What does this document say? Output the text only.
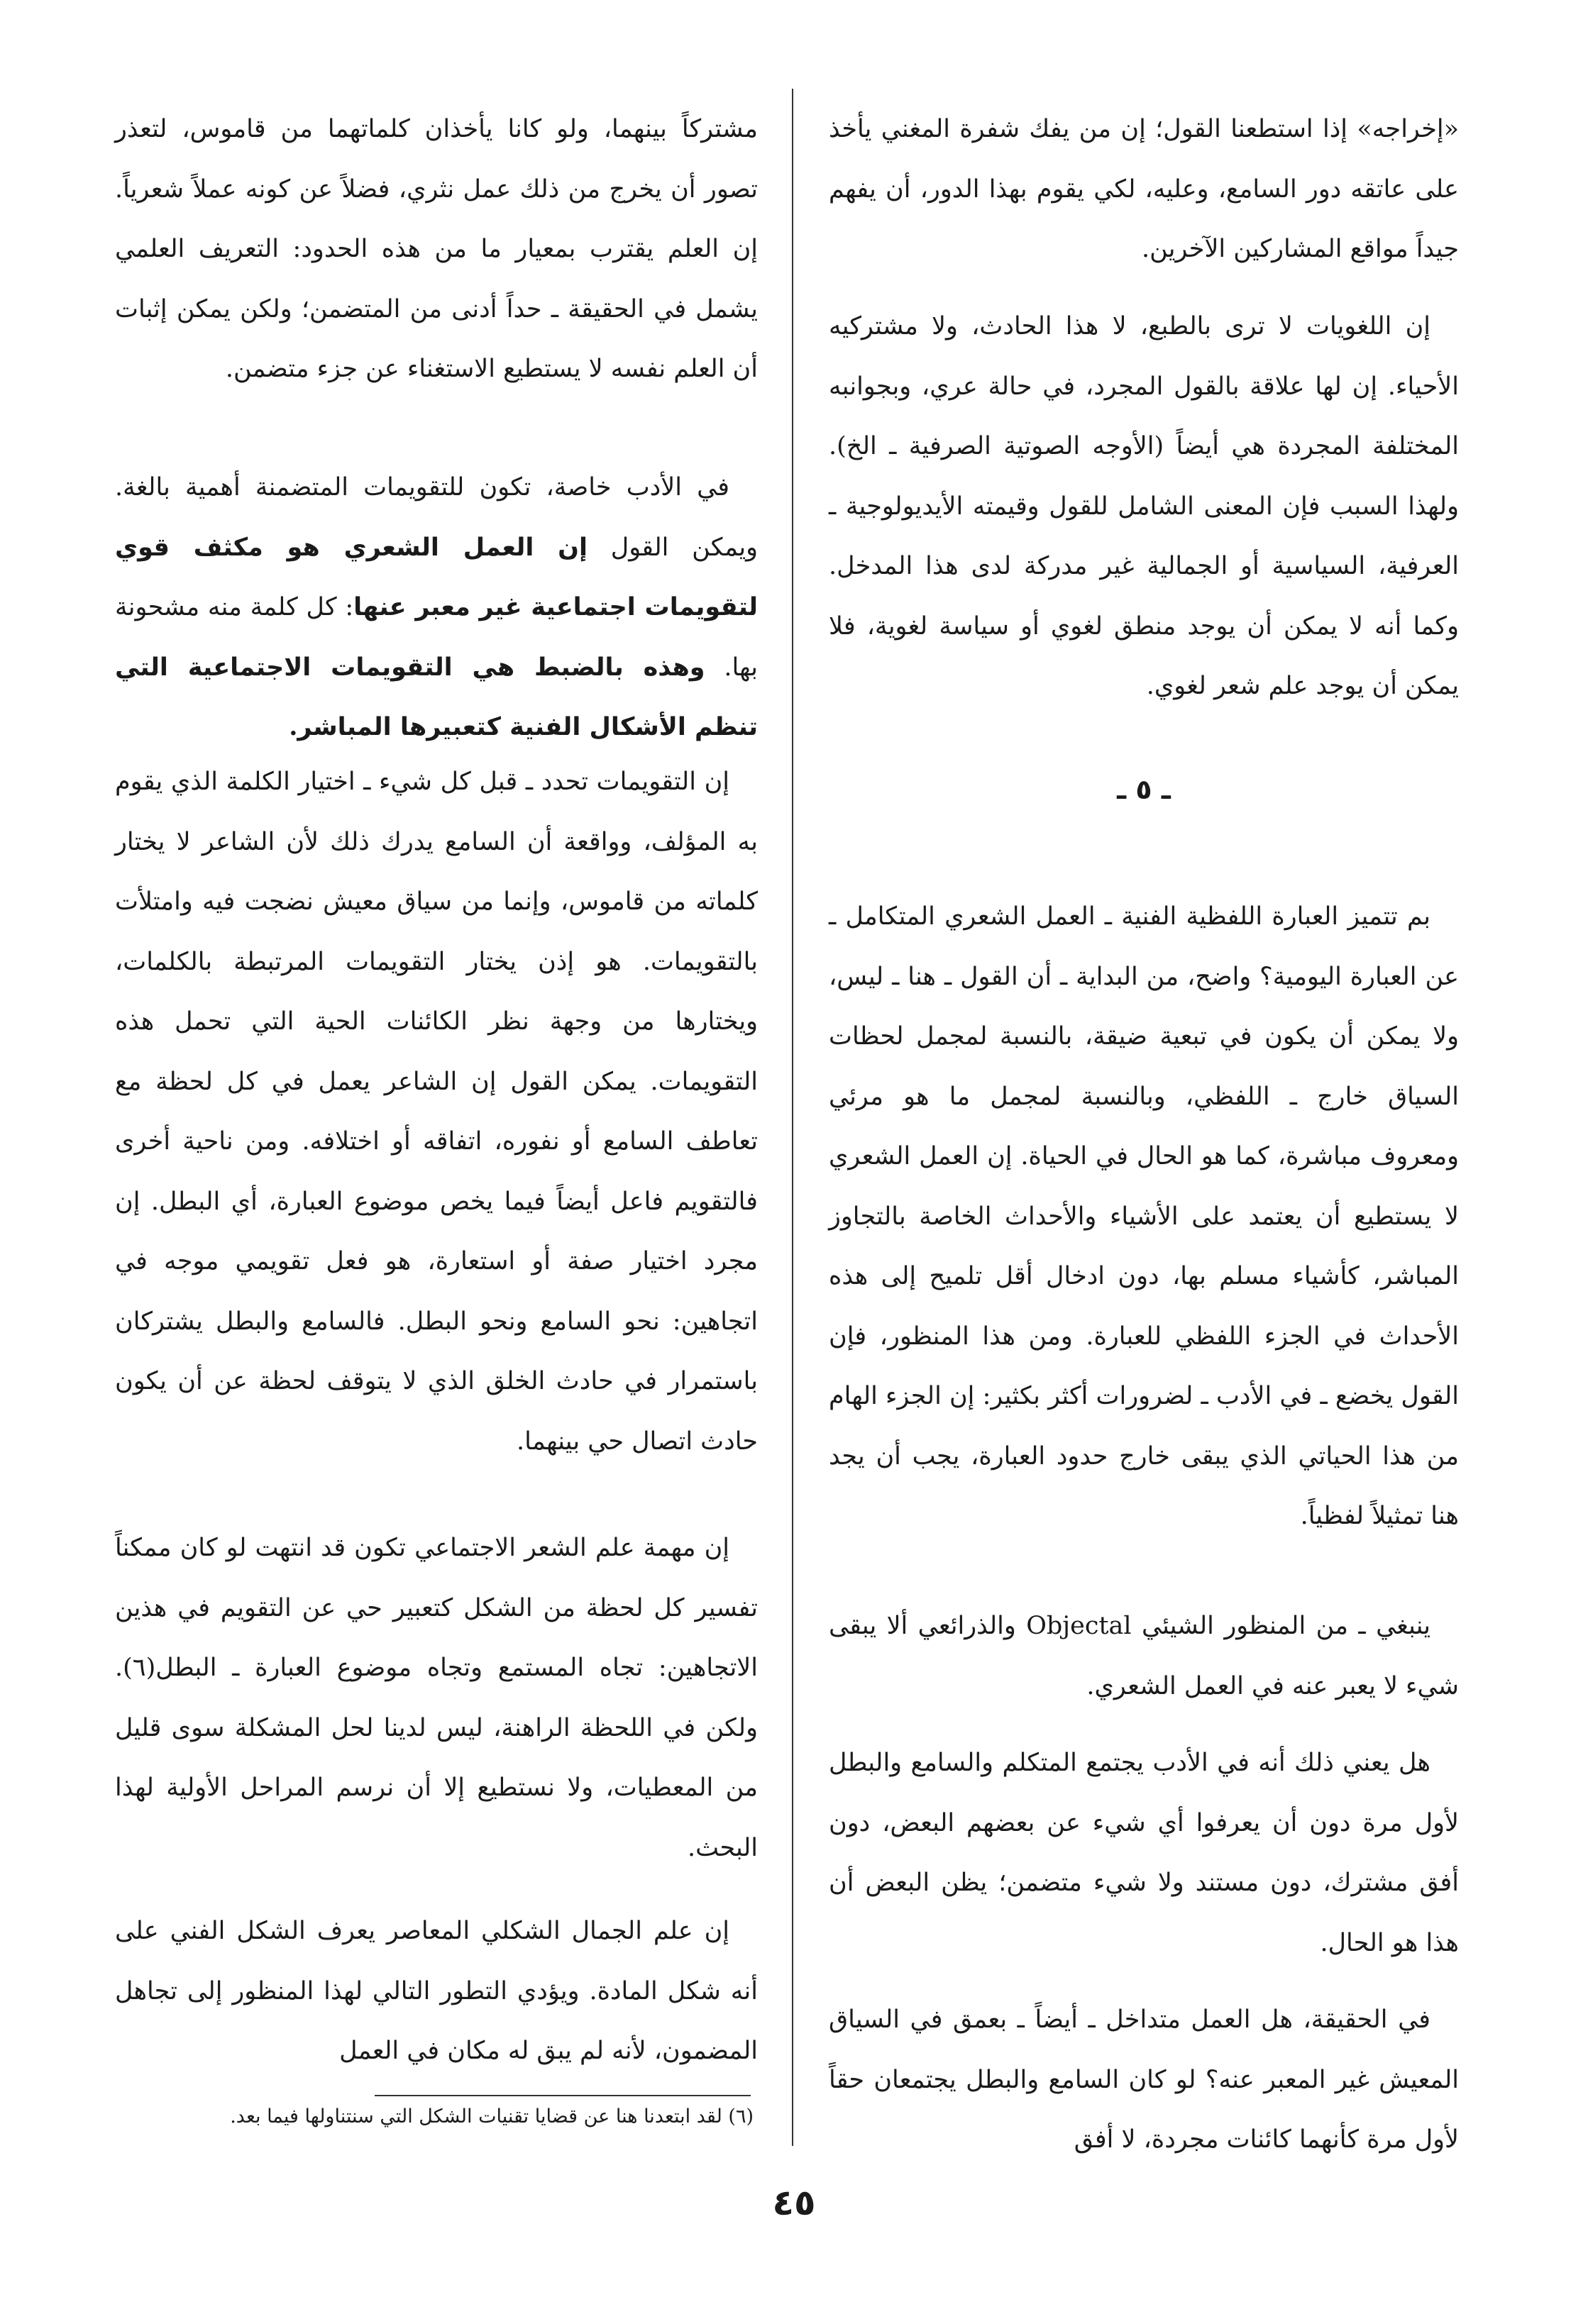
«إخراجه» إذا استطعنا القول؛ إن من يفك شفرة المغني يأخذ على عاتقه دور السامع، وعليه، لكي يقوم بهذا الدور، أن يفهم جيداً مواقع المشاركين الآخرين.

إن اللغويات لا ترى بالطبع، لا هذا الحادث، ولا مشتركيه الأحياء. إن لها علاقة بالقول المجرد، في حالة عري، وبجوانبه المختلفة المجردة هي أيضاً (الأوجه الصوتية الصرفية ـ الخ). ولهذا السبب فإن المعنى الشامل للقول وقيمته الأيديولوجية ـ العرفية، السياسية أو الجمالية غير مدركة لدى هذا المدخل. وكما أنه لا يمكن أن يوجد منطق لغوي أو سياسة لغوية، فلا يمكن أن يوجد علم شعر لغوي.

بم تتميز العبارة اللفظية الفنية ـ العمل الشعري المتكامل ـ عن العبارة اليومية؟ واضح، من البداية ـ أن القول ـ هنا ـ ليس، ولا يمكن أن يكون في تبعية ضيقة، بالنسبة لمجمل لحظات السياق خارج ـ اللفظي، وبالنسبة لمجمل ما هو مرئي ومعروف مباشرة، كما هو الحال في الحياة. إن العمل الشعري لا يستطيع أن يعتمد على الأشياء والأحداث الخاصة بالتجاوز المباشر، كأشياء مسلم بها، دون ادخال أقل تلميح إلى هذه الأحداث في الجزء اللفظي للعبارة. ومن هذا المنظور، فإن القول يخضع ـ في الأدب ـ لضرورات أكثر بكثير: إن الجزء الهام من هذا الحياتي الذي يبقى خارج حدود العبارة، يجب أن يجد هنا تمثيلاً لفظياً.

ينبغي ـ من المنظور الشيئي Objectal والذرائعي ألا يبقى شيء لا يعبر عنه في العمل الشعري.

هل يعني ذلك أنه في الأدب يجتمع المتكلم والسامع والبطل لأول مرة دون أن يعرفوا أي شيء عن بعضهم البعض، دون أفق مشترك، دون مستند ولا شيء متضمن؛ يظن البعض أن هذا هو الحال.

في الحقيقة، هل العمل متداخل ـ أيضاً ـ بعمق في السياق المعيش غير المعبر عنه؟ لو كان السامع والبطل يجتمعان حقاً لأول مرة كأنهما كائنات مجردة، لا أفق

ـ ٥ ـ

مشتركاً بينهما، ولو كانا يأخذان كلماتهما من قاموس، لتعذر تصور أن يخرج من ذلك عمل نثري، فضلاً عن كونه عملاً شعرياً. إن العلم يقترب بمعيار ما من هذه الحدود: التعريف العلمي يشمل في الحقيقة ـ حداً أدنى من المتضمن؛ ولكن يمكن إثبات أن العلم نفسه لا يستطيع الاستغناء عن جزء متضمن.

في الأدب خاصة، تكون للتقويمات المتضمنة أهمية بالغة. ويمكن القول إن العمل الشعري هو مكثف قوي لتقويمات اجتماعية غير معبر عنها: كل كلمة منه مشحونة بها. وهذه بالضبط هي التقويمات الاجتماعية التي تنظم الأشكال الفنية كتعبيرها المباشر.

إن التقويمات تحدد ـ قبل كل شيء ـ اختيار الكلمة الذي يقوم به المؤلف، وواقعة أن السامع يدرك ذلك لأن الشاعر لا يختار كلماته من قاموس، وإنما من سياق معيش نضجت فيه وامتلأت بالتقويمات. هو إذن يختار التقويمات المرتبطة بالكلمات، ويختارها من وجهة نظر الكائنات الحية التي تحمل هذه التقويمات. يمكن القول إن الشاعر يعمل في كل لحظة مع تعاطف السامع أو نفوره، اتفاقه أو اختلافه. ومن ناحية أخرى فالتقويم فاعل أيضاً فيما يخص موضوع العبارة، أي البطل. إن مجرد اختيار صفة أو استعارة، هو فعل تقويمي موجه في اتجاهين: نحو السامع ونحو البطل. فالسامع والبطل يشتركان باستمرار في حادث الخلق الذي لا يتوقف لحظة عن أن يكون حادث اتصال حي بينهما.

إن مهمة علم الشعر الاجتماعي تكون قد انتهت لو كان ممكناً تفسير كل لحظة من الشكل كتعبير حي عن التقويم في هذين الاتجاهين: تجاه المستمع وتجاه موضوع العبارة ـ البطل(٦). ولكن في اللحظة الراهنة، ليس لدينا لحل المشكلة سوى قليل من المعطيات، ولا نستطيع إلا أن نرسم المراحل الأولية لهذا البحث.

إن علم الجمال الشكلي المعاصر يعرف الشكل الفني على أنه شكل المادة. ويؤدي التطور التالي لهذا المنظور إلى تجاهل المضمون، لأنه لم يبق له مكان في العمل

(٦) لقد ابتعدنا هنا عن قضايا تقنيات الشكل التي سنتناولها فيما بعد.
٤٥
